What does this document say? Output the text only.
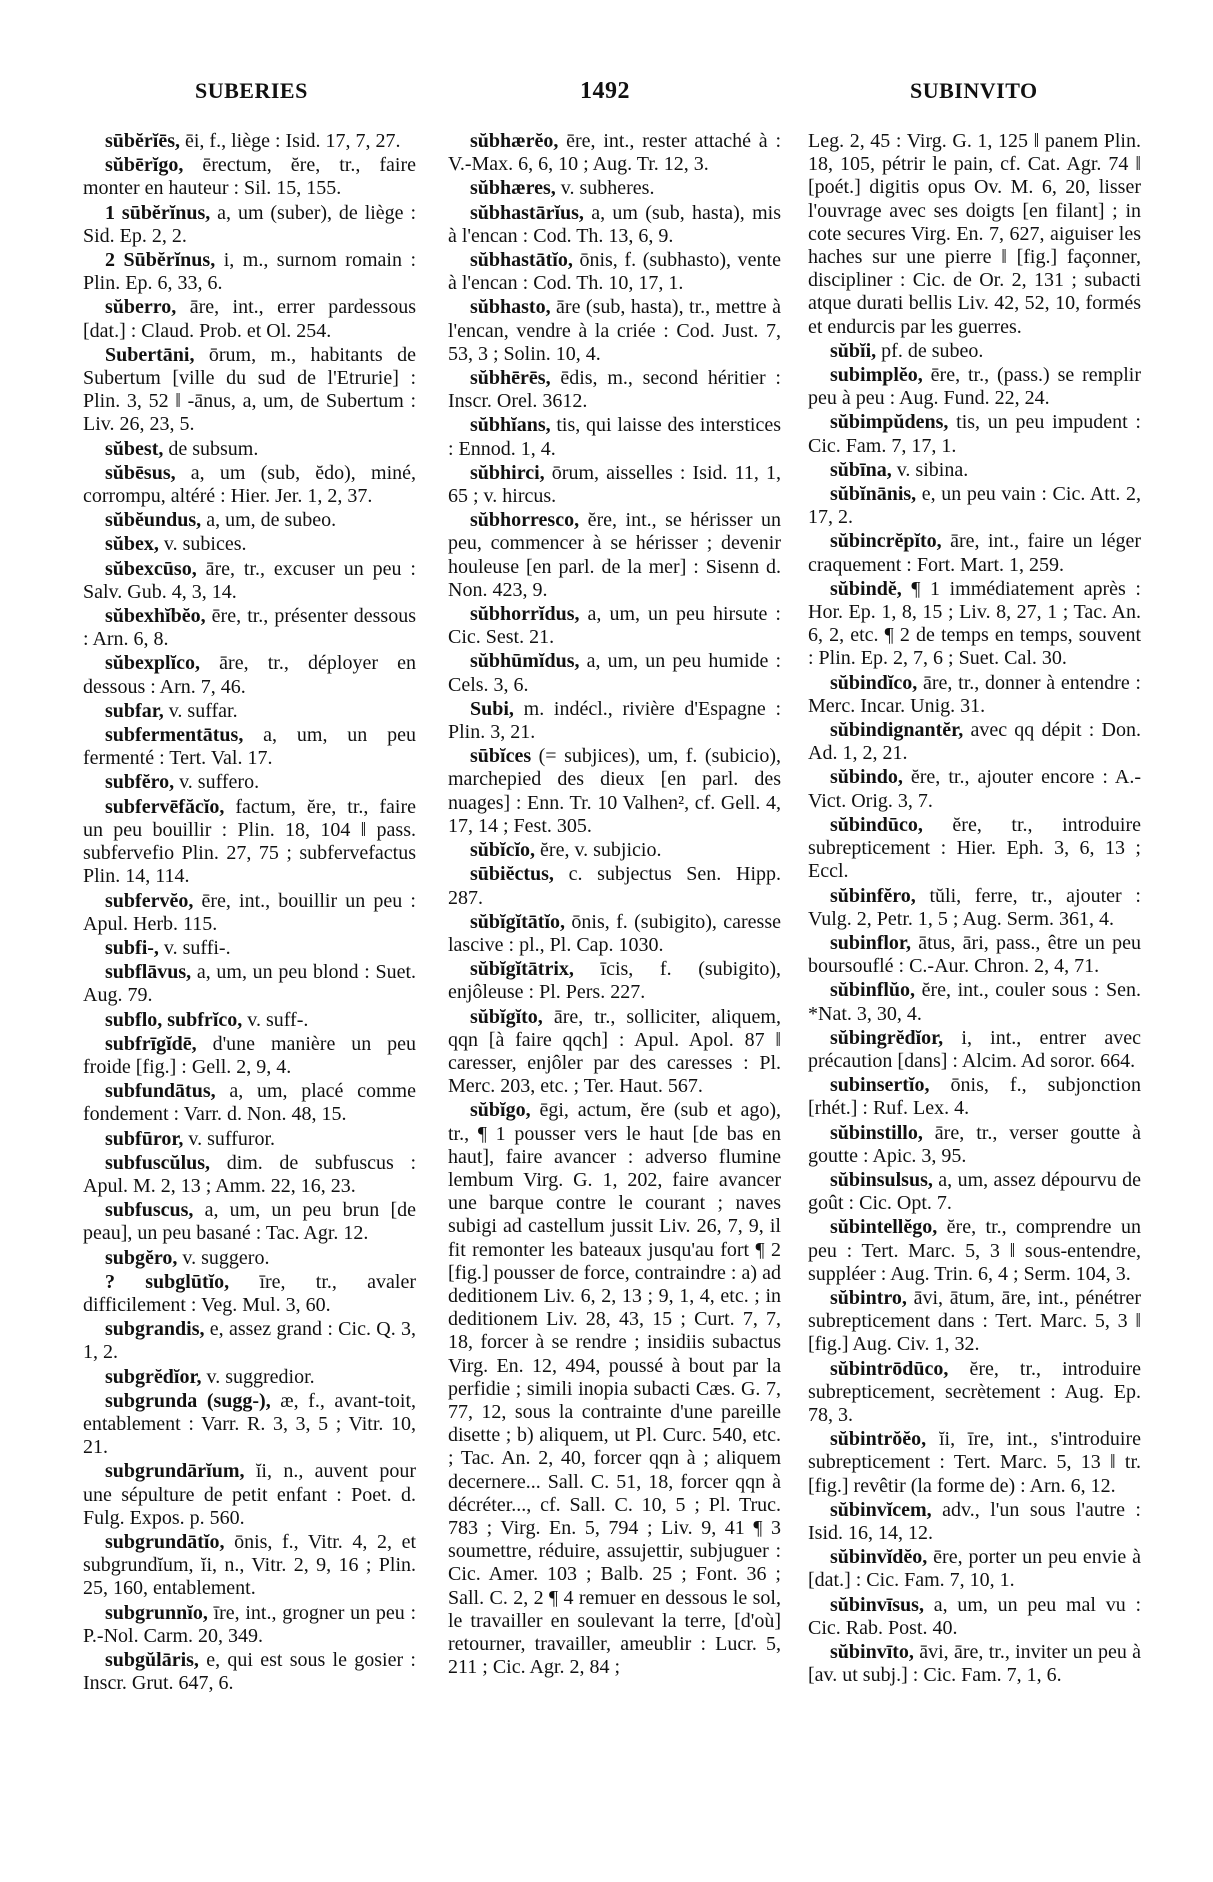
SUBERIES	1492	SUBINVITO

sūbĕrĭēs, ēi, f., liège : Isid. 17, 7, 27.

sŭbērĭgo, ērectum, ĕre, tr., faire monter en hauteur : Sil. 15, 155.

1 sūbĕrĭnus, a, um (suber), de liège : Sid. Ep. 2, 2.

2 Sūbĕrĭnus, i, m., surnom romain : Plin. Ep. 6, 33, 6.

sŭberro, āre, int., errer pardessous [dat.] : Claud. Prob. et Ol. 254.

Subertāni, ōrum, m., habitants de Subertum [ville du sud de l'Etrurie] : Plin. 3, 52 ‖ -ānus, a, um, de Subertum : Liv. 26, 23, 5.

sŭbest, de subsum.

sŭbēsus, a, um (sub, ĕdo), miné, corrompu, altéré : Hier. Jer. 1, 2, 37.

sŭbĕundus, a, um, de subeo.

sŭbex, v. subices.

sŭbexcūso, āre, tr., excuser un peu : Salv. Gub. 4, 3, 14.

sŭbexhĭbĕo, ēre, tr., présenter dessous : Arn. 6, 8.

sŭbexplĭco, āre, tr., déployer en dessous : Arn. 7, 46.

subfar, v. suffar.

subfermentātus, a, um, un peu fermenté : Tert. Val. 17.

subfĕro, v. suffero.

subfervēfăcĭo, factum, ĕre, tr., faire un peu bouillir : Plin. 18, 104 ‖ pass. subfervefio Plin. 27, 75 ; subfervefactus Plin. 14, 114.

subfervĕo, ēre, int., bouillir un peu : Apul. Herb. 115.

subfi-, v. suffi-.

subflāvus, a, um, un peu blond : Suet. Aug. 79.

subflo, subfrĭco, v. suff-.

subfrīgĭdē, d'une manière un peu froide [fig.] : Gell. 2, 9, 4.

subfundātus, a, um, placé comme fondement : Varr. d. Non. 48, 15.

subfūror, v. suffuror.

subfuscŭlus, dim. de subfuscus : Apul. M. 2, 13 ; Amm. 22, 16, 23.

subfuscus, a, um, un peu brun [de peau], un peu basané : Tac. Agr. 12.

subgĕro, v. suggero.

? subglūtĭo, īre, tr., avaler difficilement : Veg. Mul. 3, 60.

subgrandis, e, assez grand : Cic. Q. 3, 1, 2.

subgrĕdĭor, v. suggredior.

subgrunda (sugg-), æ, f., avant-toit, entablement : Varr. R. 3, 3, 5 ; Vitr. 10, 21.

subgrundārĭum, ĭi, n., auvent pour une sépulture de petit enfant : Poet. d. Fulg. Expos. p. 560.

subgrundātĭo, ōnis, f., Vitr. 4, 2, et subgrundĭum, ĭi, n., Vitr. 2, 9, 16 ; Plin. 25, 160, entablement.

subgrunnĭo, īre, int., grogner un peu : P.-Nol. Carm. 20, 349.

subgŭlāris, e, qui est sous le gosier : Inscr. Grut. 647, 6.

sŭbhærĕo, ēre, int., rester attaché à : V.-Max. 6, 6, 10 ; Aug. Tr. 12, 3.

sŭbhæres, v. subheres.

sŭbhastārĭus, a, um (sub, hasta), mis à l'encan : Cod. Th. 13, 6, 9.

sŭbhastātĭo, ōnis, f. (subhasto), vente à l'encan : Cod. Th. 10, 17, 1.

sŭbhasto, āre (sub, hasta), tr., mettre à l'encan, vendre à la criée : Cod. Just. 7, 53, 3 ; Solin. 10, 4.

sŭbhērēs, ēdis, m., second héritier : Inscr. Orel. 3612.

sŭbhĭans, tis, qui laisse des interstices : Ennod. 1, 4.

sŭbhirci, ōrum, aisselles : Isid. 11, 1, 65 ; v. hircus.

sŭbhorresco, ĕre, int., se hérisser un peu, commencer à se hérisser ; devenir houleuse [en parl. de la mer] : Sisenn d. Non. 423, 9.

sŭbhorrĭdus, a, um, un peu hirsute : Cic. Sest. 21.

sŭbhūmĭdus, a, um, un peu humide : Cels. 3, 6.

Subi, m. indécl., rivière d'Espagne : Plin. 3, 21.

sūbĭces (= subjices), um, f. (subicio), marchepied des dieux [en parl. des nuages] : Enn. Tr. 10 Valhen², cf. Gell. 4, 17, 14 ; Fest. 305.

sŭbĭcĭo, ĕre, v. subjicio.

sūbiĕctus, c. subjectus Sen. Hipp. 287.

sŭbĭgĭtātĭo, ōnis, f. (subigito), caresse lascive : pl., Pl. Cap. 1030.

sŭbĭgĭtātrix, īcis, f. (subigito), enjôleuse : Pl. Pers. 227.

sŭbĭgĭto, āre, tr., solliciter, aliquem, qqn [à faire qqch] : Apul. Apol. 87 ‖ caresser, enjôler par des caresses : Pl. Merc. 203, etc. ; Ter. Haut. 567.

sŭbĭgo, ēgi, actum, ĕre (sub et ago), tr., ¶ 1 pousser vers le haut [de bas en haut], faire avancer : adverso flumine lembum Virg. G. 1, 202, faire avancer une barque contre le courant ; naves subigi ad castellum jussit Liv. 26, 7, 9, il fit remonter les bateaux jusqu'au fort ¶ 2 [fig.] pousser de force, contraindre : a) ad deditionem Liv. 6, 2, 13 ; 9, 1, 4, etc. ; in deditionem Liv. 28, 43, 15 ; Curt. 7, 7, 18, forcer à se rendre ; insidiis subactus Virg. En. 12, 494, poussé à bout par la perfidie ; simili inopia subacti Cæs. G. 7, 77, 12, sous la contrainte d'une pareille disette ; b) aliquem, ut Pl. Curc. 540, etc. ; Tac. An. 2, 40, forcer qqn à ; aliquem decernere... Sall. C. 51, 18, forcer qqn à décréter..., cf. Sall. C. 10, 5 ; Pl. Truc. 783 ; Virg. En. 5, 794 ; Liv. 9, 41 ¶ 3 soumettre, réduire, assujettir, subjuguer : Cic. Amer. 103 ; Balb. 25 ; Font. 36 ; Sall. C. 2, 2 ¶ 4 remuer en dessous le sol, le travailler en soulevant la terre, [d'où] retourner, travailler, ameublir : Lucr. 5, 211 ; Cic. Agr. 2, 84 ;

Leg. 2, 45 : Virg. G. 1, 125 ‖ panem Plin. 18, 105, pétrir le pain, cf. Cat. Agr. 74 ‖ [poét.] digitis opus Ov. M. 6, 20, lisser l'ouvrage avec ses doigts [en filant] ; in cote secures Virg. En. 7, 627, aiguiser les haches sur une pierre ‖ [fig.] façonner, discipliner : Cic. de Or. 2, 131 ; subacti atque durati bellis Liv. 42, 52, 10, formés et endurcis par les guerres.

sŭbĭi, pf. de subeo.

subimplĕo, ēre, tr., (pass.) se remplir peu à peu : Aug. Fund. 22, 24.

sŭbimpŭdens, tis, un peu impudent : Cic. Fam. 7, 17, 1.

sŭbīna, v. sibina.

sŭbĭnānis, e, un peu vain : Cic. Att. 2, 17, 2.

sŭbincrĕpĭto, āre, int., faire un léger craquement : Fort. Mart. 1, 259.

sŭbindĕ, ¶ 1 immédiatement après : Hor. Ep. 1, 8, 15 ; Liv. 8, 27, 1 ; Tac. An. 6, 2, etc. ¶ 2 de temps en temps, souvent : Plin. Ep. 2, 7, 6 ; Suet. Cal. 30.

sŭbindĭco, āre, tr., donner à entendre : Merc. Incar. Unig. 31.

sŭbindignantĕr, avec qq dépit : Don. Ad. 1, 2, 21.

sŭbindo, ĕre, tr., ajouter encore : A.-Vict. Orig. 3, 7.

sŭbindūco, ĕre, tr., introduire subrepticement : Hier. Eph. 3, 6, 13 ; Eccl.

sŭbinfĕro, tŭli, ferre, tr., ajouter : Vulg. 2, Petr. 1, 5 ; Aug. Serm. 361, 4.

subinflor, ātus, āri, pass., être un peu boursouflé : C.-Aur. Chron. 2, 4, 71.

sŭbinflŭo, ĕre, int., couler sous : Sen. *Nat. 3, 30, 4.

sŭbingrĕdĭor, i, int., entrer avec précaution [dans] : Alcim. Ad soror. 664.

subinsertĭo, ōnis, f., subjonction [rhét.] : Ruf. Lex. 4.

sŭbinstillo, āre, tr., verser goutte à goutte : Apic. 3, 95.

sŭbinsulsus, a, um, assez dépourvu de goût : Cic. Opt. 7.

sŭbintellĕgo, ĕre, tr., comprendre un peu : Tert. Marc. 5, 3 ‖ sous-entendre, suppléer : Aug. Trin. 6, 4 ; Serm. 104, 3.

sŭbintro, āvi, ātum, āre, int., pénétrer subrepticement dans : Tert. Marc. 5, 3 ‖ [fig.] Aug. Civ. 1, 32.

sŭbintrōdūco, ĕre, tr., introduire subrepticement, secrètement : Aug. Ep. 78, 3.

sŭbintrŏĕo, ĭi, īre, int., s'introduire subrepticement : Tert. Marc. 5, 13 ‖ tr. [fig.] revêtir (la forme de) : Arn. 6, 12.

sŭbinvĭcem, adv., l'un sous l'autre : Isid. 16, 14, 12.

sŭbinvĭdĕo, ēre, porter un peu envie à [dat.] : Cic. Fam. 7, 10, 1.

sŭbinvīsus, a, um, un peu mal vu : Cic. Rab. Post. 40.

sŭbinvīto, āvi, āre, tr., inviter un peu à [av. ut subj.] : Cic. Fam. 7, 1, 6.
